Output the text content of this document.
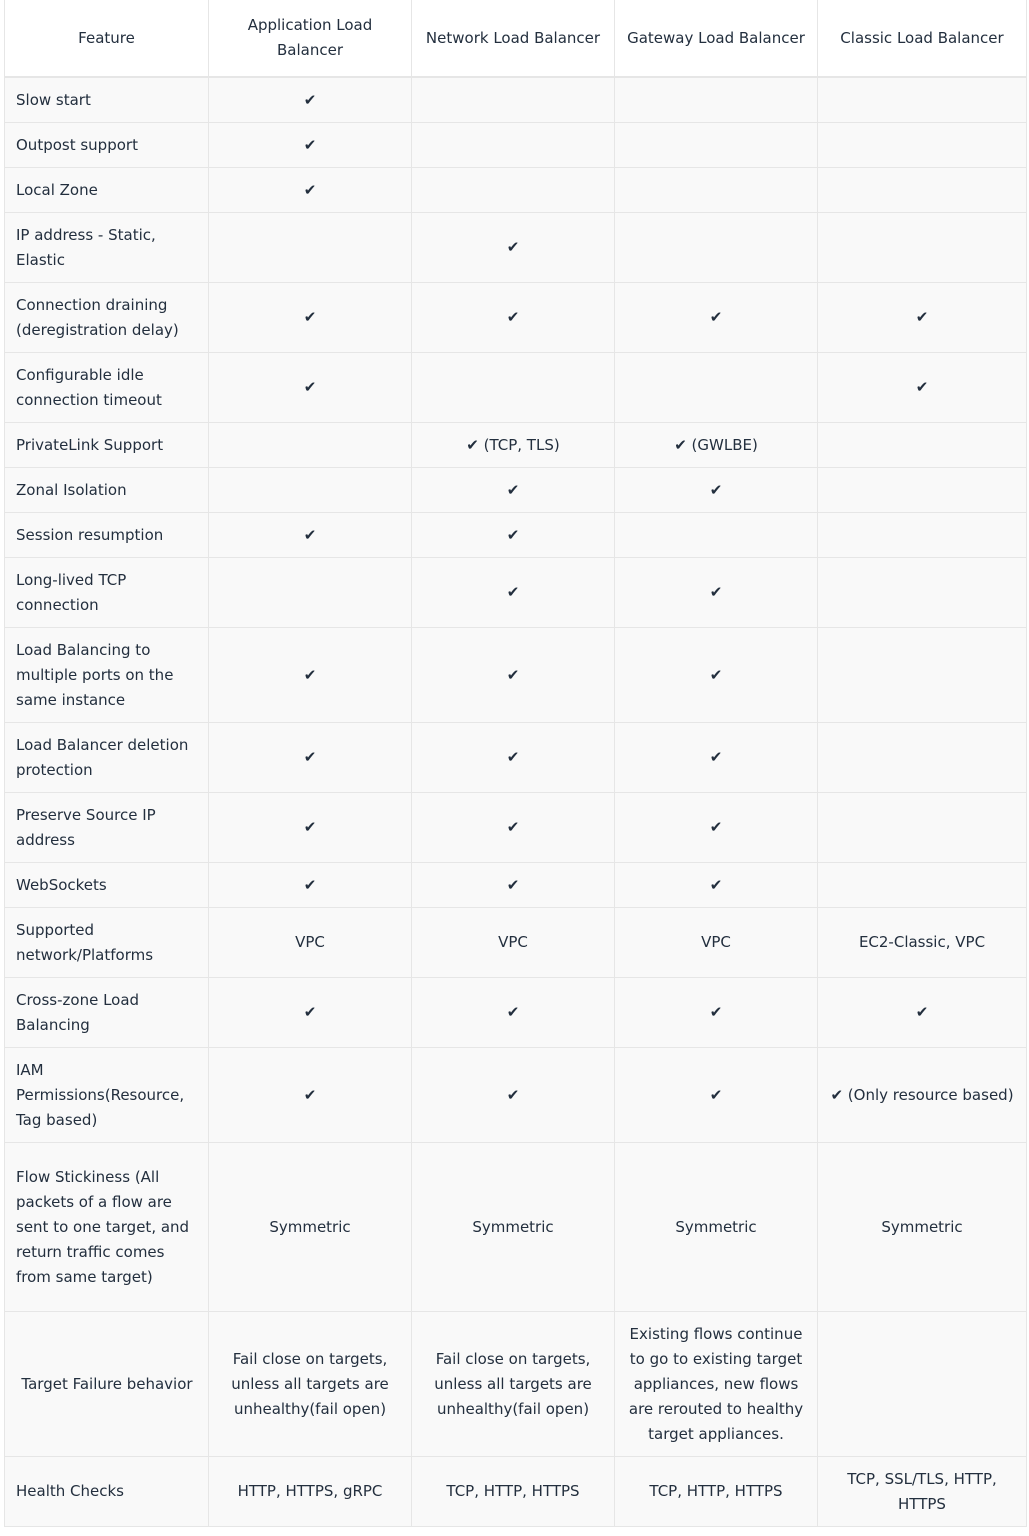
Feature	Application Load Balancer	Network Load Balancer	Gateway Load Balancer	Classic Load Balancer
Slow start	✔			
Outpost support	✔			
Local Zone	✔			
IP address - Static, Elastic		✔		
Connection draining (deregistration delay)	✔	✔	✔	✔
Configurable idle connection timeout	✔			✔
PrivateLink Support		✔ (TCP, TLS)	✔ (GWLBE)	
Zonal Isolation		✔	✔	
Session resumption	✔	✔		
Long-lived TCP connection		✔	✔	
Load Balancing to multiple ports on the same instance	✔	✔	✔	
Load Balancer deletion protection	✔	✔	✔	
Preserve Source IP address	✔	✔	✔	
WebSockets	✔	✔	✔	
Supported network/Platforms	VPC	VPC	VPC	EC2-Classic, VPC
Cross-zone Load Balancing	✔	✔	✔	✔
IAM Permissions(Resource, Tag based)	✔	✔	✔	✔ (Only resource based)
Flow Stickiness (All packets of a flow are sent to one target, and return traffic comes from same target)	Symmetric	Symmetric	Symmetric	Symmetric
Target Failure behavior	Fail close on targets, unless all targets are unhealthy(fail open)	Fail close on targets, unless all targets are unhealthy(fail open)	Existing flows continue to go to existing target appliances, new flows are rerouted to healthy target appliances.	
Health Checks	HTTP, HTTPS, gRPC	TCP, HTTP, HTTPS	TCP, HTTP, HTTPS	TCP, SSL/TLS, HTTP, HTTPS
